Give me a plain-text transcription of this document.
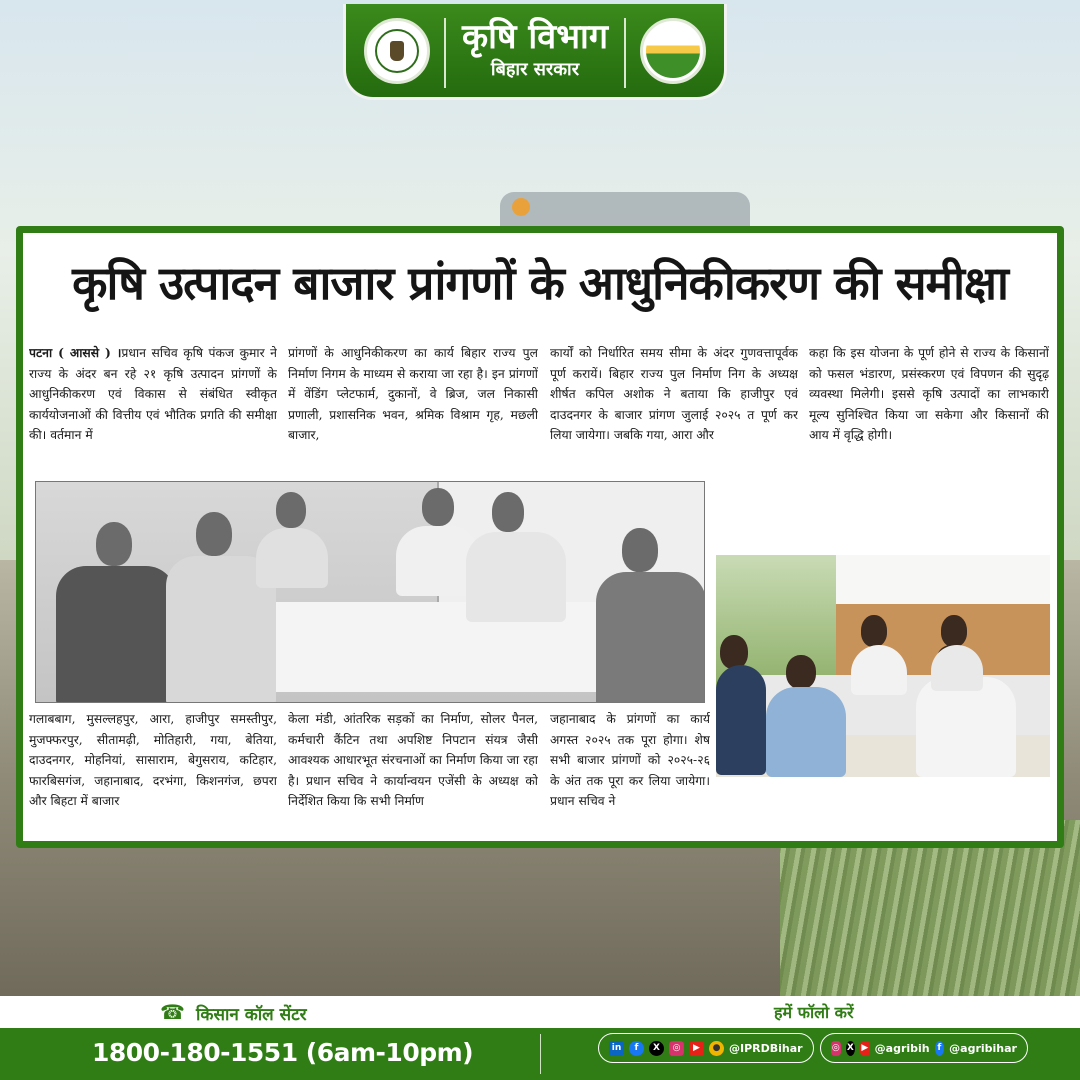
कृषि विभाग
बिहार सरकार
कृषि उत्पादन बाजार प्रांगणों के आधुनिकीकरण की समीक्षा
पटना ( आससे ) ।प्रधान सचिव कृषि पंकज कुमार ने राज्य के अंदर बन रहे २१ कृषि उत्पादन प्रांगणों के आधुनिकीकरण एवं विकास से संबंधित स्वीकृत कार्ययोजनाओं की वित्तीय एवं भौतिक प्रगति की समीक्षा की। वर्तमान में
प्रांगणों के आधुनिकीकरण का कार्य बिहार राज्य पुल निर्माण निगम के माध्यम से कराया जा रहा है। इन प्रांगणों में वेंडिंग प्लेटफार्म, दुकानों, वे ब्रिज, जल निकासी प्रणाली, प्रशासनिक भवन, श्रमिक विश्राम गृह, मछली बाजार,
कार्यों को निर्धारित समय सीमा के अंदर गुणवत्तापूर्वक पूर्ण करायें। बिहार राज्य पुल निर्माण निग के अध्यक्ष शीर्षत कपिल अशोक ने बताया कि हाजीपुर एवं दाउदनगर के बाजार प्रांगण जुलाई २०२५ त पूर्ण कर लिया जायेगा। जबकि गया, आरा और
कहा कि इस योजना के पूर्ण होने से राज्य के किसानों को फसल भंडारण, प्रसंस्करण एवं विपणन की सुदृढ़ व्यवस्था मिलेगी। इससे कृषि उत्पादों का लाभकारी मूल्य सुनिश्चित किया जा सकेगा और किसानों की आय में वृद्धि होगी।
गलाबबाग, मुसल्लहपुर, आरा, हाजीपुर समस्तीपुर, मुजफ्फरपुर, सीतामढ़ी, मोतिहारी, गया, बेतिया, दाउदनगर, मोहनियां, सासाराम, बेगुसराय, कटिहार, फारबिसगंज, जहानाबाद, दरभंगा, किशनगंज, छपरा और बिहटा में बाजार
केला मंडी, आंतरिक सड़कों का निर्माण, सोलर पैनल, कर्मचारी कैंटिन तथा अपशिष्ट निपटान संयत्र जैसी आवश्यक आधारभूत संरचनाओं का निर्माण किया जा रहा है। प्रधान सचिव ने कार्यान्वयन एजेंसी के अध्यक्ष को निर्देशित किया कि सभी निर्माण
जहानाबाद के प्रांगणों का कार्य अगस्त २०२५ तक पूरा होगा। शेष सभी बाजार प्रांगणों को २०२५-२६ के अंत तक पूरा कर लिया जायेगा। प्रधान सचिव ने
☎
किसान कॉल सेंटर	हमें फॉलो करें
1800-180-1551 (6am-10pm)	in	f	X	◎	▶	● @IPRDBihar	◎ X ▶ @agribih f @agribihar
